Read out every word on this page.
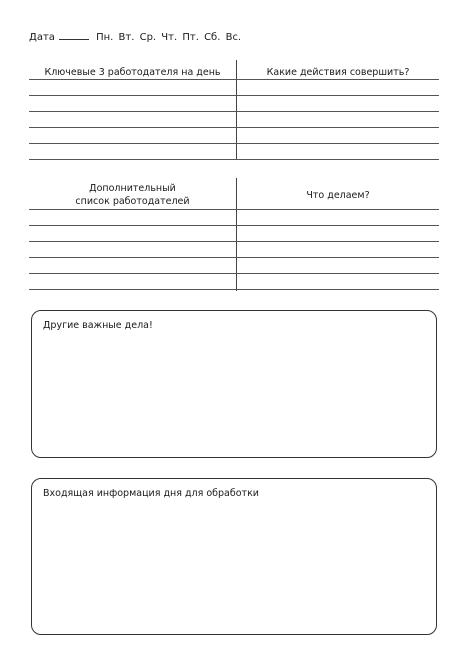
Дата	Пн. Вт. Ср. Чт. Пт. Сб. Вс.
Ключевые 3 работодателя на день	Какие действия совершить?
Дополнительный
список работодателей
Что делаем?
Другие важные дела!
Входящая информация дня для обработки
